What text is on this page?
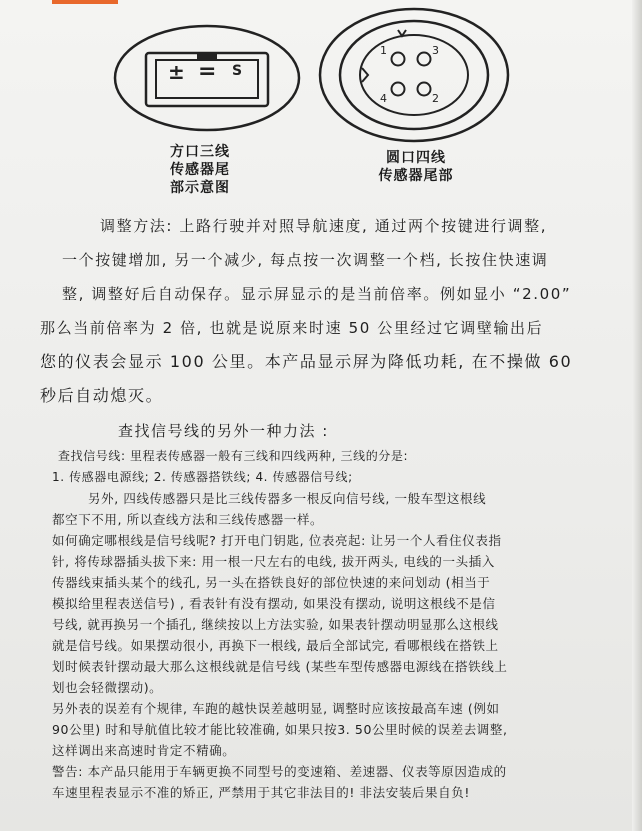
± = S
方口三线
传感器尾
部示意图
1	3
4	2
圆口四线
传感器尾部
调整方法: 上路行驶并对照导航速度, 通过两个按键进行调整,
一个按键增加, 另一个减少, 每点按一次调整一个档, 长按住快速调
整, 调整好后自动保存。显示屏显示的是当前倍率。例如显小 “2.00”
那么当前倍率为 2 倍, 也就是说原来时速 50 公里经过它调壁输出后
您的仪表会显示 100 公里。本产品显示屏为降低功耗, 在不操做 60
秒后自动熄灭。
查找信号线的另外一种力法 :
查找信号线: 里程表传感器一般有三线和四线两种, 三线的分是:
1. 传感器电源线; 2. 传感器搭铁线; 4. 传感器信号线;
另外, 四线传感器只是比三线传器多一根反向信号线, 一般车型这根线
都空下不用, 所以查线方法和三线传感器一样。
如何确定哪根线是信号线呢? 打开电门钥匙, 位表亮起: 让另一个人看住仪表指
针, 将传球器插头拔下来: 用一根一尺左右的电线, 拔开两头, 电线的一头插入
传器线束插头某个的线孔, 另一头在搭铁良好的部位快速的来问划动 (相当于
模拟给里程表送信号) , 看表针有没有摆动, 如果没有摆动, 说明这根线不是信
号线, 就再换另一个插孔, 继续按以上方法实验, 如果表针摆动明显那么这根线
就是信号线。如果摆动很小, 再换下一根线, 最后全部试完, 看哪根线在搭铁上
划时候表针摆动最大那么这根线就是信号线 (某些车型传感器电源线在搭铁线上
划也会轻微摆动)。
另外表的误差有个规律, 车跑的越快误差越明显, 调整时应该按最高车速 (例如
90公里) 时和导航值比较才能比较准确, 如果只按3. 50公里时候的误差去调整,
这样调出来高速时肯定不精确。
警告: 本产品只能用于车辆更换不同型号的变速箱、差速器、仪表等原因造成的
车速里程表显示不准的矫正, 严禁用于其它非法目的! 非法安装后果自负!
